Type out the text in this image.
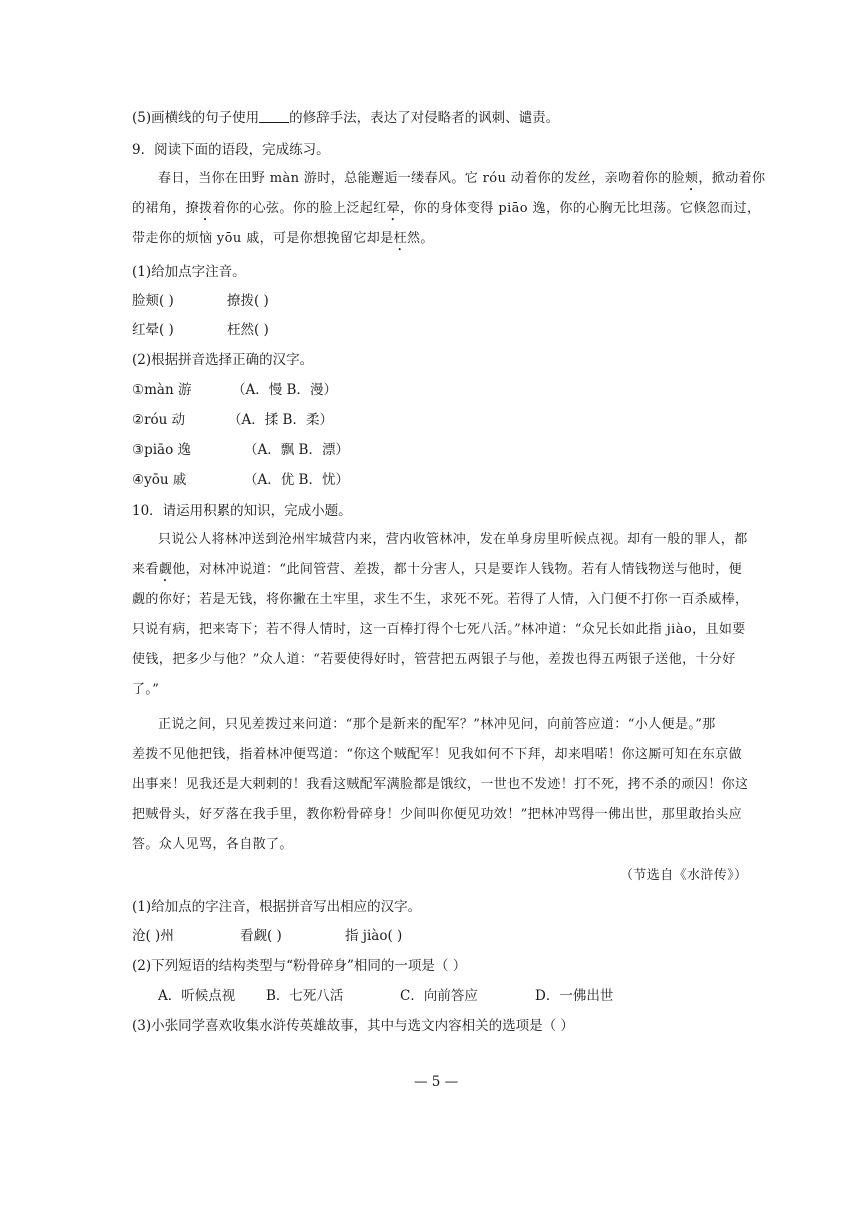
(5)画横线的句子使用 的修辞手法，表达了对侵略者的讽刺、谴责。
9．阅读下面的语段，完成练习。
春日，当你在田野 màn 游时，总能邂逅一缕春风。它 róu 动着你的发丝，亲吻着你的脸颊，掀动着你
的裙角，撩拨着你的心弦。你的脸上泛起红晕，你的身体变得 piāo 逸，你的心胸无比坦荡。它倏忽而过，
带走你的烦恼 yōu 戚，可是你想挽留它却是枉然。
(1)给加点字注音。
脸颊( )	撩拨( )
红晕( )	枉然( )
(2)根据拼音选择正确的汉字。
①màn 游	（A．慢 B．漫）
②róu 动	（A．揉 B．柔）
③piāo 逸	（A．飘 B．漂）
④yōu 戚	（A．优 B．忧）
10．请运用积累的知识，完成小题。
只说公人将林冲送到沧州牢城营内来，营内收管林冲，发在单身房里听候点视。却有一般的罪人，都
来看觑他，对林冲说道：“此间管营、差拨，都十分害人，只是要诈人钱物。若有人情钱物送与他时，便
觑的你好；若是无钱，将你撇在土牢里，求生不生，求死不死。若得了人情，入门便不打你一百杀威棒，
只说有病，把来寄下；若不得人情时，这一百棒打得个七死八活。”林冲道：“众兄长如此指 jiào，且如要
使钱，把多少与他？”众人道：“若要使得好时，管营把五两银子与他，差拨也得五两银子送他，十分好
了。”
正说之间，只见差拨过来问道：“那个是新来的配军？”林冲见问，向前答应道：“小人便是。”那
差拨不见他把钱，指着林冲便骂道：“你这个贼配军！见我如何不下拜，却来唱喏！你这厮可知在东京做
出事来！见我还是大剌剌的！我看这贼配军满脸都是饿纹，一世也不发迹！打不死，拷不杀的顽囚！你这
把贼骨头，好歹落在我手里，教你粉骨碎身！少间叫你便见功效！”把林冲骂得一佛出世，那里敢抬头应
答。众人见骂，各自散了。
（节选自《水浒传》）
(1)给加点的字注音，根据拼音写出相应的汉字。
沧( )州	看觑( )	指 jiào( )
(2)下列短语的结构类型与“粉骨碎身”相同的一项是（ ）
A．听候点视 B．七死八活	C．向前答应	D．一佛出世
(3)小张同学喜欢收集水浒传英雄故事，其中与选文内容相关的选项是（ ）
— 5 —
